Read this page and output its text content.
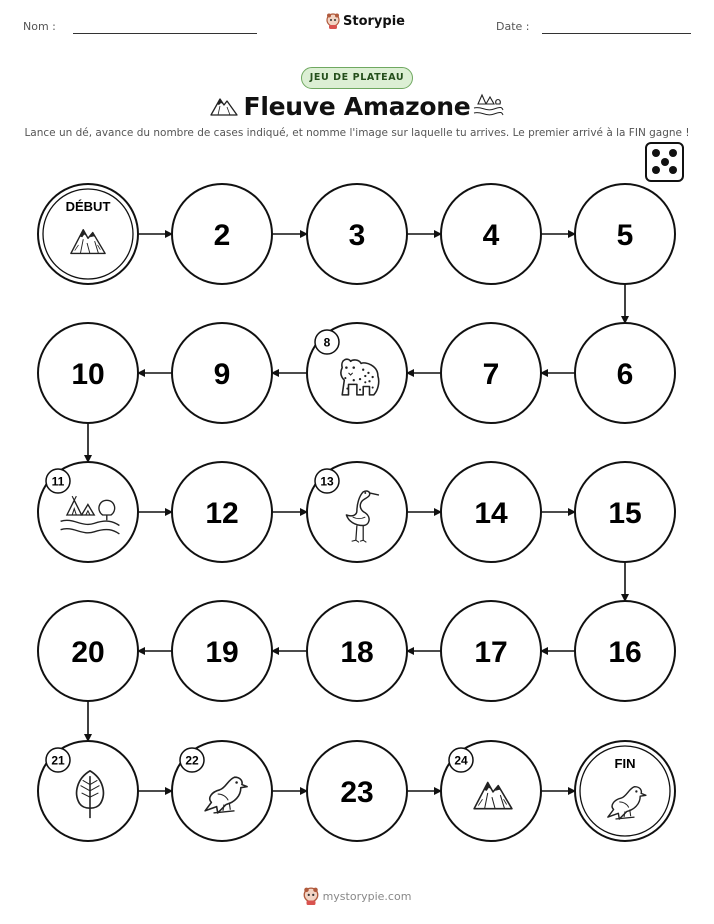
Nom :	Storypie	Date :
JEU DE PLATEAU
Fleuve Amazone
Lance un dé, avance du nombre de cases indiqué, et nomme l'image sur laquelle tu arrives. Le premier arrivé à la FIN gagne !
DÉBUT
2	3	4	5
6
7
8
9
10
11
12
13
14	15
16
17
18
19
20
21	22
23
24	FIN
mystorypie.com
